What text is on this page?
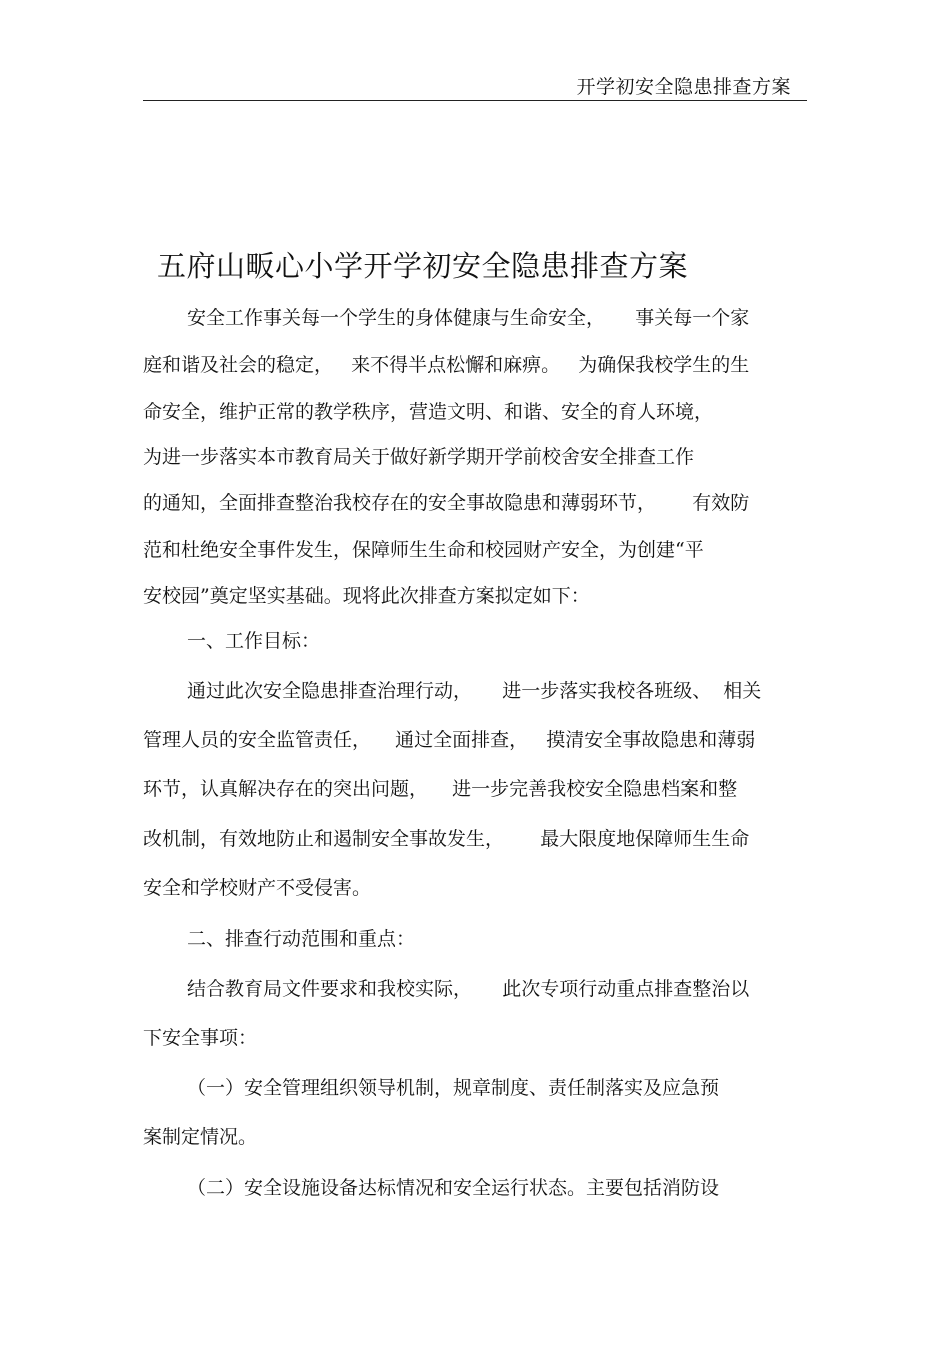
开学初安全隐患排查方案
五府山畈心小学开学初安全隐患排查方案
安全工作事关每一个学生的身体健康与生命安全，     事关每一个家
庭和谐及社会的稳定，   来不得半点松懈和麻痹。   为确保我校学生的生
命安全，维护正常的教学秩序，营造文明、和谐、安全的育人环境，
为进一步落实本市教育局关于做好新学期开学前校舍安全排查工作
的通知，全面排查整治我校存在的安全事故隐患和薄弱环节，      有效防
范和杜绝安全事件发生，保障师生生命和校园财产安全，为创建“平
安校园”奠定坚实基础。现将此次排查方案拟定如下：
一、工作目标：
通过此次安全隐患排查治理行动，     进一步落实我校各班级、  相关
管理人员的安全监管责任，    通过全面排查，   摸清安全事故隐患和薄弱
环节，认真解决存在的突出问题，    进一步完善我校安全隐患档案和整
改机制，有效地防止和遏制安全事故发生，      最大限度地保障师生生命
安全和学校财产不受侵害。
二、排查行动范围和重点：
结合教育局文件要求和我校实际，     此次专项行动重点排查整治以
下安全事项：
（一）安全管理组织领导机制，规章制度、责任制落实及应急预
案制定情况。
（二）安全设施设备达标情况和安全运行状态。主要包括消防设
